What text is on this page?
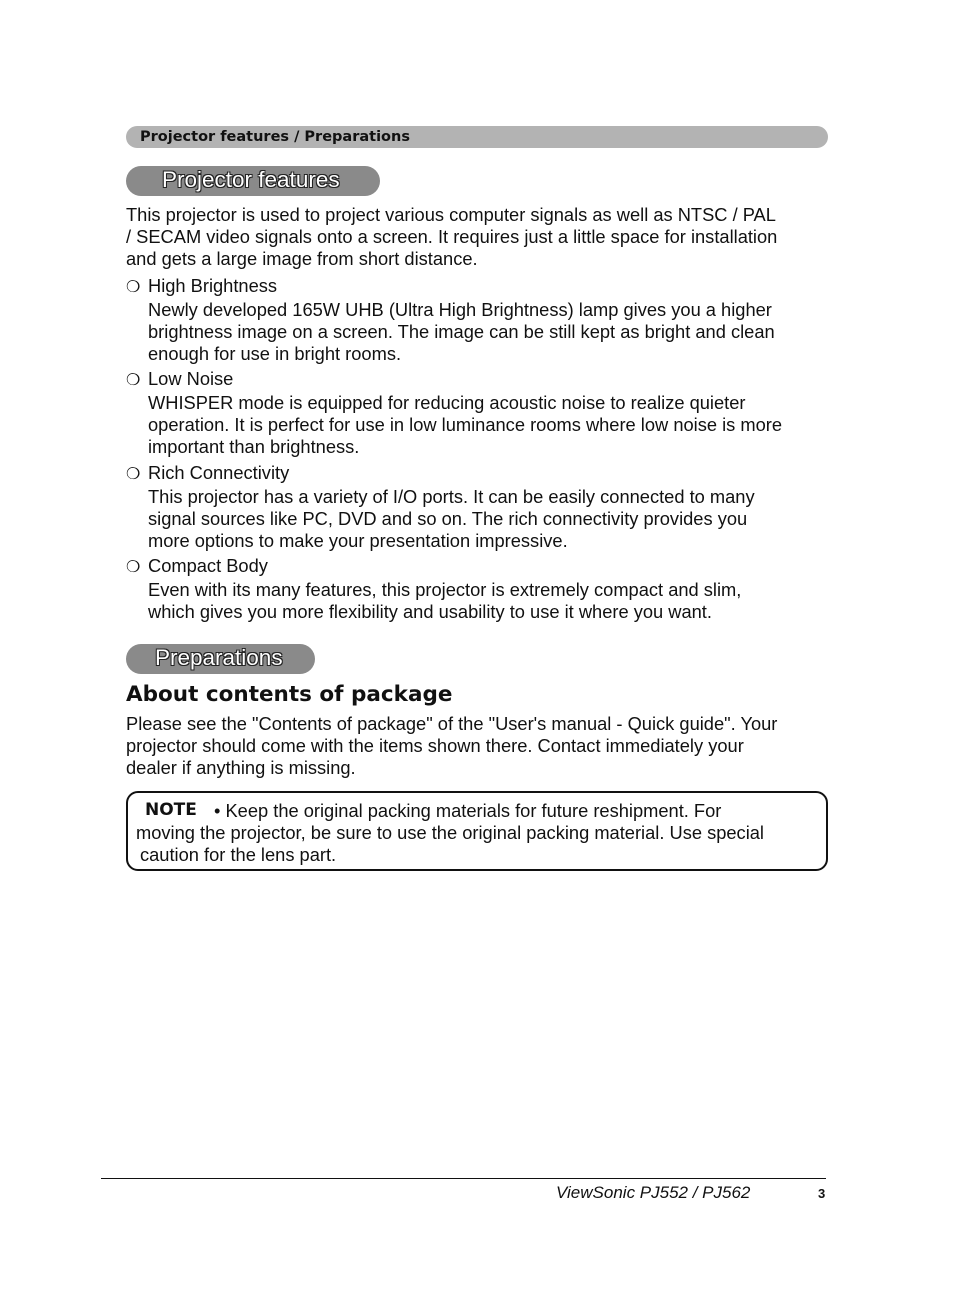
Projector features / Preparations
Projector features
This projector is used to project various computer signals as well as NTSC / PAL
/ SECAM video signals onto a screen. It requires just a little space for installation
and gets a large image from short distance.
❍ High Brightness
Newly developed 165W UHB (Ultra High Brightness) lamp gives you a higher
brightness image on a screen. The image can be still kept as bright and clean
enough for use in bright rooms.
❍ Low Noise
WHISPER mode is equipped for reducing acoustic noise to realize quieter
operation. It is perfect for use in low luminance rooms where low noise is more
important than brightness.
❍ Rich Connectivity
This projector has a variety of I/O ports. It can be easily connected to many
signal sources like PC, DVD and so on. The rich connectivity provides you
more options to make your presentation impressive.
❍ Compact Body
Even with its many features, this projector is extremely compact and slim,
which gives you more flexibility and usability to use it where you want.
Preparations
About contents of package
Please see the "Contents of package" of the "User's manual - Quick guide". Your
projector should come with the items shown there. Contact immediately your
dealer if anything is missing.
NOTE • Keep the original packing materials for future reshipment. For
moving the projector, be sure to use the original packing material. Use special
caution for the lens part.
ViewSonic PJ552 / PJ562	3
